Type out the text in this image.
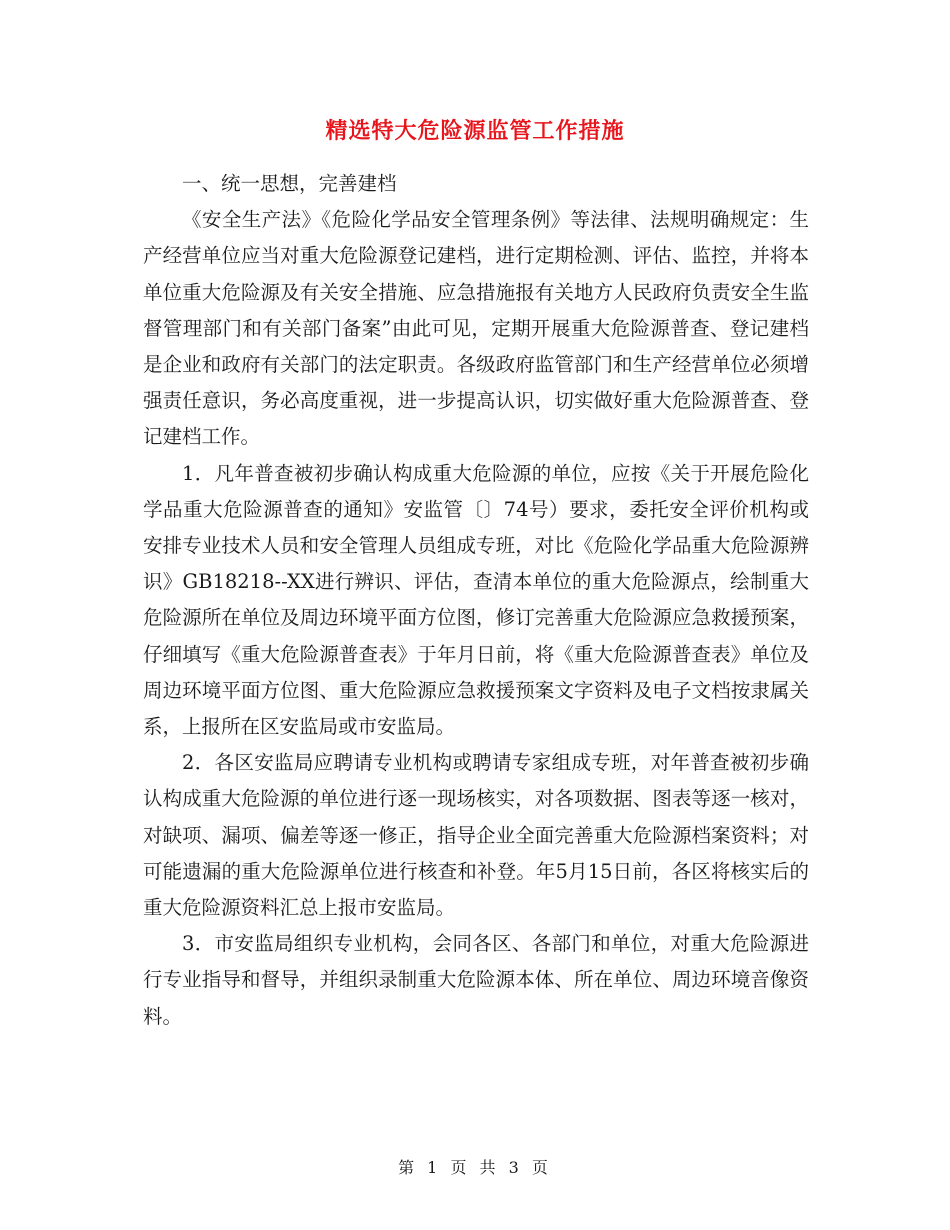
精选特大危险源监管工作措施

一、统一思想，完善建档

《安全生产法》《危险化学品安全管理条例》等法律、法规明确规定：生产经营单位应当对重大危险源登记建档，进行定期检测、评估、监控，并将本单位重大危险源及有关安全措施、应急措施报有关地方人民政府负责安全生监督管理部门和有关部门备案”由此可见，定期开展重大危险源普查、登记建档是企业和政府有关部门的法定职责。各级政府监管部门和生产经营单位必须增强责任意识，务必高度重视，进一步提高认识，切实做好重大危险源普查、登记建档工作。

1．凡年普查被初步确认构成重大危险源的单位，应按《关于开展危险化学品重大危险源普查的通知》安监管〔〕74号）要求，委托安全评价机构或安排专业技术人员和安全管理人员组成专班，对比《危险化学品重大危险源辨识》GB18218--XX进行辨识、评估，查清本单位的重大危险源点，绘制重大危险源所在单位及周边环境平面方位图，修订完善重大危险源应急救援预案，仔细填写《重大危险源普查表》于年月日前，将《重大危险源普查表》单位及周边环境平面方位图、重大危险源应急救援预案文字资料及电子文档按隶属关系，上报所在区安监局或市安监局。

2．各区安监局应聘请专业机构或聘请专家组成专班，对年普查被初步确认构成重大危险源的单位进行逐一现场核实，对各项数据、图表等逐一核对，对缺项、漏项、偏差等逐一修正，指导企业全面完善重大危险源档案资料；对可能遗漏的重大危险源单位进行核查和补登。年5月15日前，各区将核实后的重大危险源资料汇总上报市安监局。

3．市安监局组织专业机构，会同各区、各部门和单位，对重大危险源进行专业指导和督导，并组织录制重大危险源本体、所在单位、周边环境音像资料。

第 1 页 共 3 页
